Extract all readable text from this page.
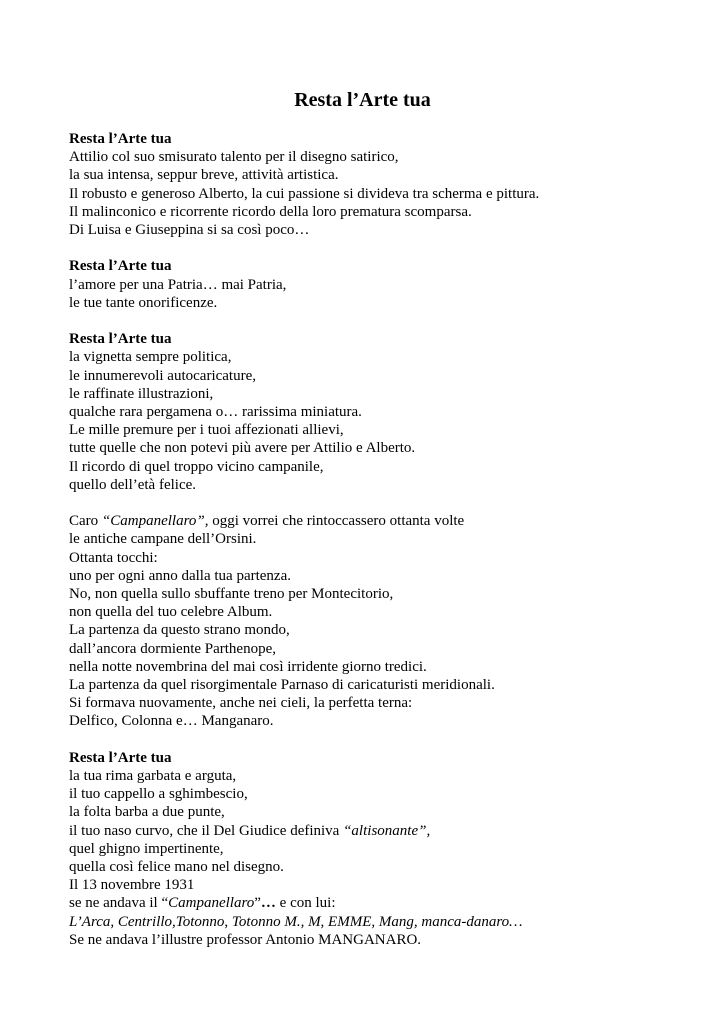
Resta l’Arte tua
Resta l’Arte tua
Attilio col suo smisurato talento per il disegno satirico,
la sua intensa, seppur breve, attività artistica.
Il robusto e generoso Alberto, la cui passione si divideva tra scherma e pittura.
Il malinconico e ricorrente ricordo della loro prematura scomparsa.
Di Luisa e Giuseppina si sa così poco…
Resta l’Arte tua
l’amore per una Patria… mai Patria,
le tue tante onorificenze.
Resta l’Arte tua
la vignetta sempre politica,
le innumerevoli autocaricature,
le raffinate illustrazioni,
qualche rara pergamena o… rarissima miniatura.
Le mille premure per i tuoi affezionati allievi,
tutte quelle che non potevi più avere per Attilio e Alberto.
Il ricordo di quel troppo vicino campanile,
quello dell’età felice.
Caro “Campanellaro”, oggi vorrei che rintoccassero ottanta volte
le antiche campane dell’Orsini.
Ottanta tocchi:
uno per ogni anno dalla tua partenza.
No, non quella sullo sbuffante treno per Montecitorio,
non quella del tuo celebre Album.
La partenza da questo strano mondo,
dall’ancora dormiente Parthenope,
nella notte novembrina del mai così irridente giorno tredici.
La partenza da quel risorgimentale Parnaso di caricaturisti meridionali.
Si formava nuovamente, anche nei cieli, la perfetta terna:
Delfico, Colonna e… Manganaro.
Resta l’Arte tua
la tua rima garbata e arguta,
il tuo cappello a sghimbescio,
la folta barba a due punte,
il tuo naso curvo, che il Del Giudice definiva “altisonante”,
quel ghigno impertinente,
quella così felice mano nel disegno.
Il 13 novembre 1931
se ne andava il “Campanellaro”… e con lui:
L’Arca, Centrillo,Totonno, Totonno M., M, EMME, Mang, manca-danaro…
Se ne andava l’illustre professor Antonio MANGANARO.
